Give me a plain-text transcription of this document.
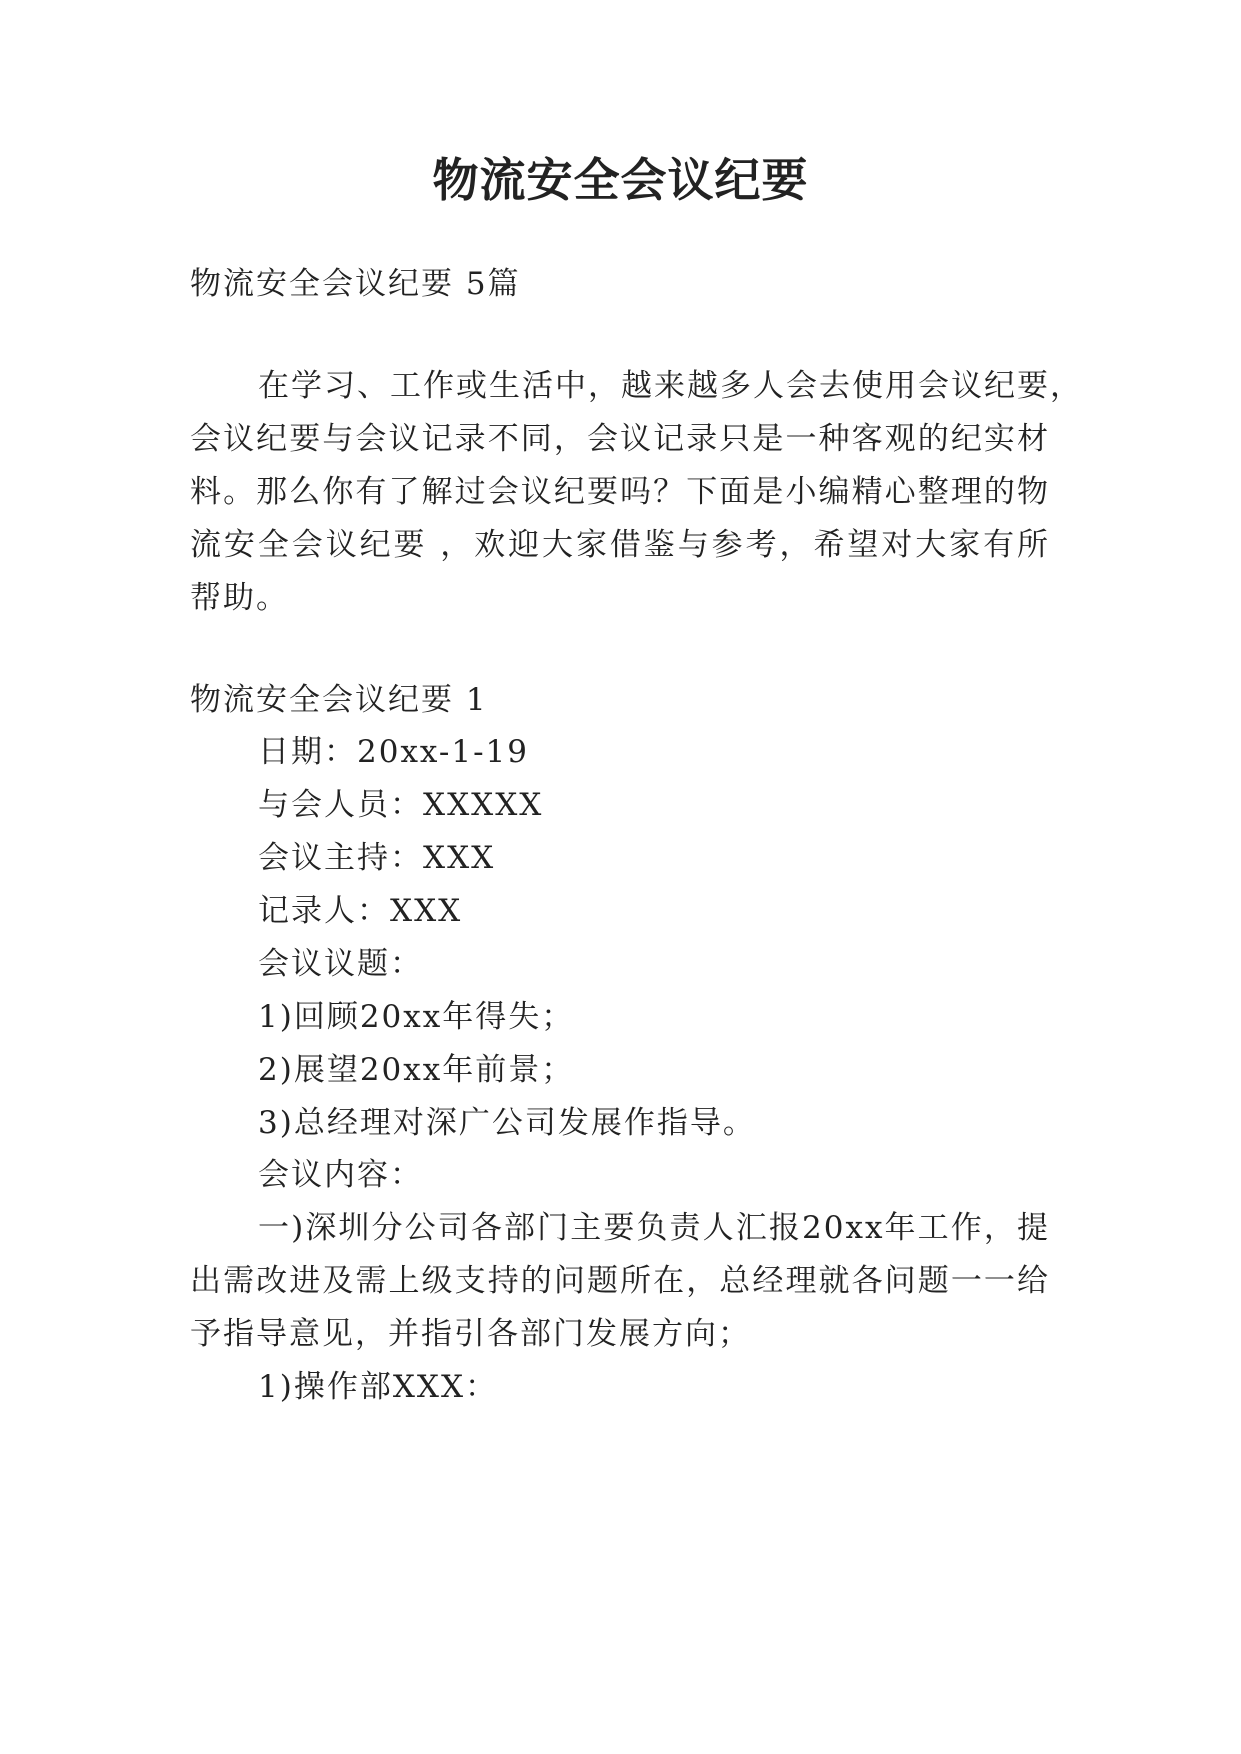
物流安全会议纪要
物流安全会议纪要 5篇
在学习、工作或生活中，越来越多人会去使用会议纪要，
会议纪要与会议记录不同，会议记录只是一种客观的纪实材
料。那么你有了解过会议纪要吗？下面是小编精心整理的物
流安全会议纪要 ，欢迎大家借鉴与参考，希望对大家有所
帮助。
物流安全会议纪要 1
日期：20xx-1-19
与会人员：XXXXX
会议主持：XXX
记录人：XXX
会议议题：
1)回顾20xx年得失；
2)展望20xx年前景；
3)总经理对深广公司发展作指导。
会议内容：
一)深圳分公司各部门主要负责人汇报20xx年工作，提
出需改进及需上级支持的问题所在，总经理就各问题一一给
予指导意见，并指引各部门发展方向；
1)操作部XXX：
